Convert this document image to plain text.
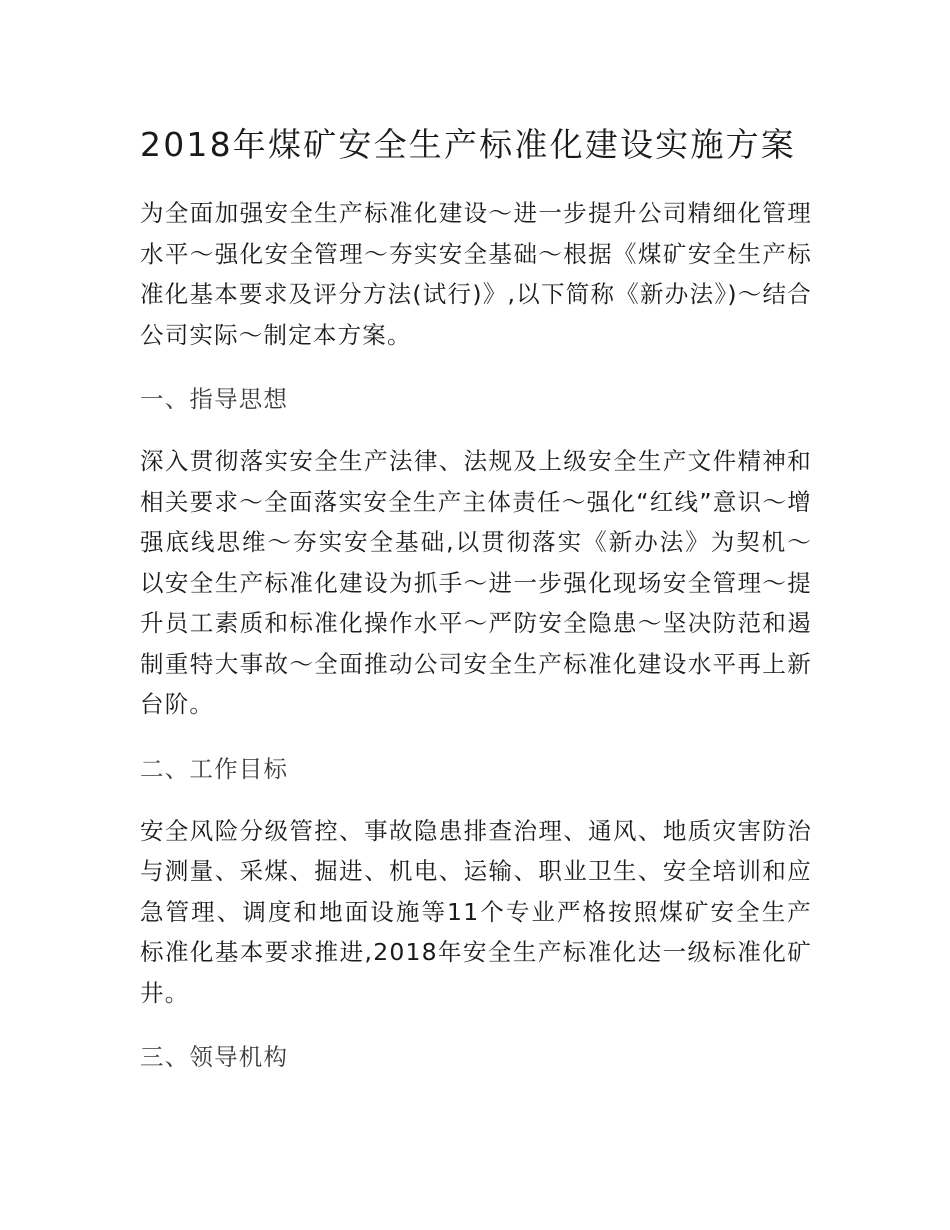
2018年煤矿安全生产标准化建设实施方案

为全面加强安全生产标准化建设～进一步提升公司精细化管理水平～强化安全管理～夯实安全基础～根据《煤矿安全生产标准化基本要求及评分方法(试行)》,以下简称《新办法》)～结合公司实际～制定本方案。

一、指导思想

深入贯彻落实安全生产法律、法规及上级安全生产文件精神和相关要求～全面落实安全生产主体责任～强化“红线”意识～增强底线思维～夯实安全基础,以贯彻落实《新办法》为契机～以安全生产标准化建设为抓手～进一步强化现场安全管理～提升员工素质和标准化操作水平～严防安全隐患～坚决防范和遏制重特大事故～全面推动公司安全生产标准化建设水平再上新台阶。

二、工作目标

安全风险分级管控、事故隐患排查治理、通风、地质灾害防治与测量、采煤、掘进、机电、运输、职业卫生、安全培训和应急管理、调度和地面设施等11个专业严格按照煤矿安全生产标准化基本要求推进,2018年安全生产标准化达一级标准化矿井。

三、领导机构
